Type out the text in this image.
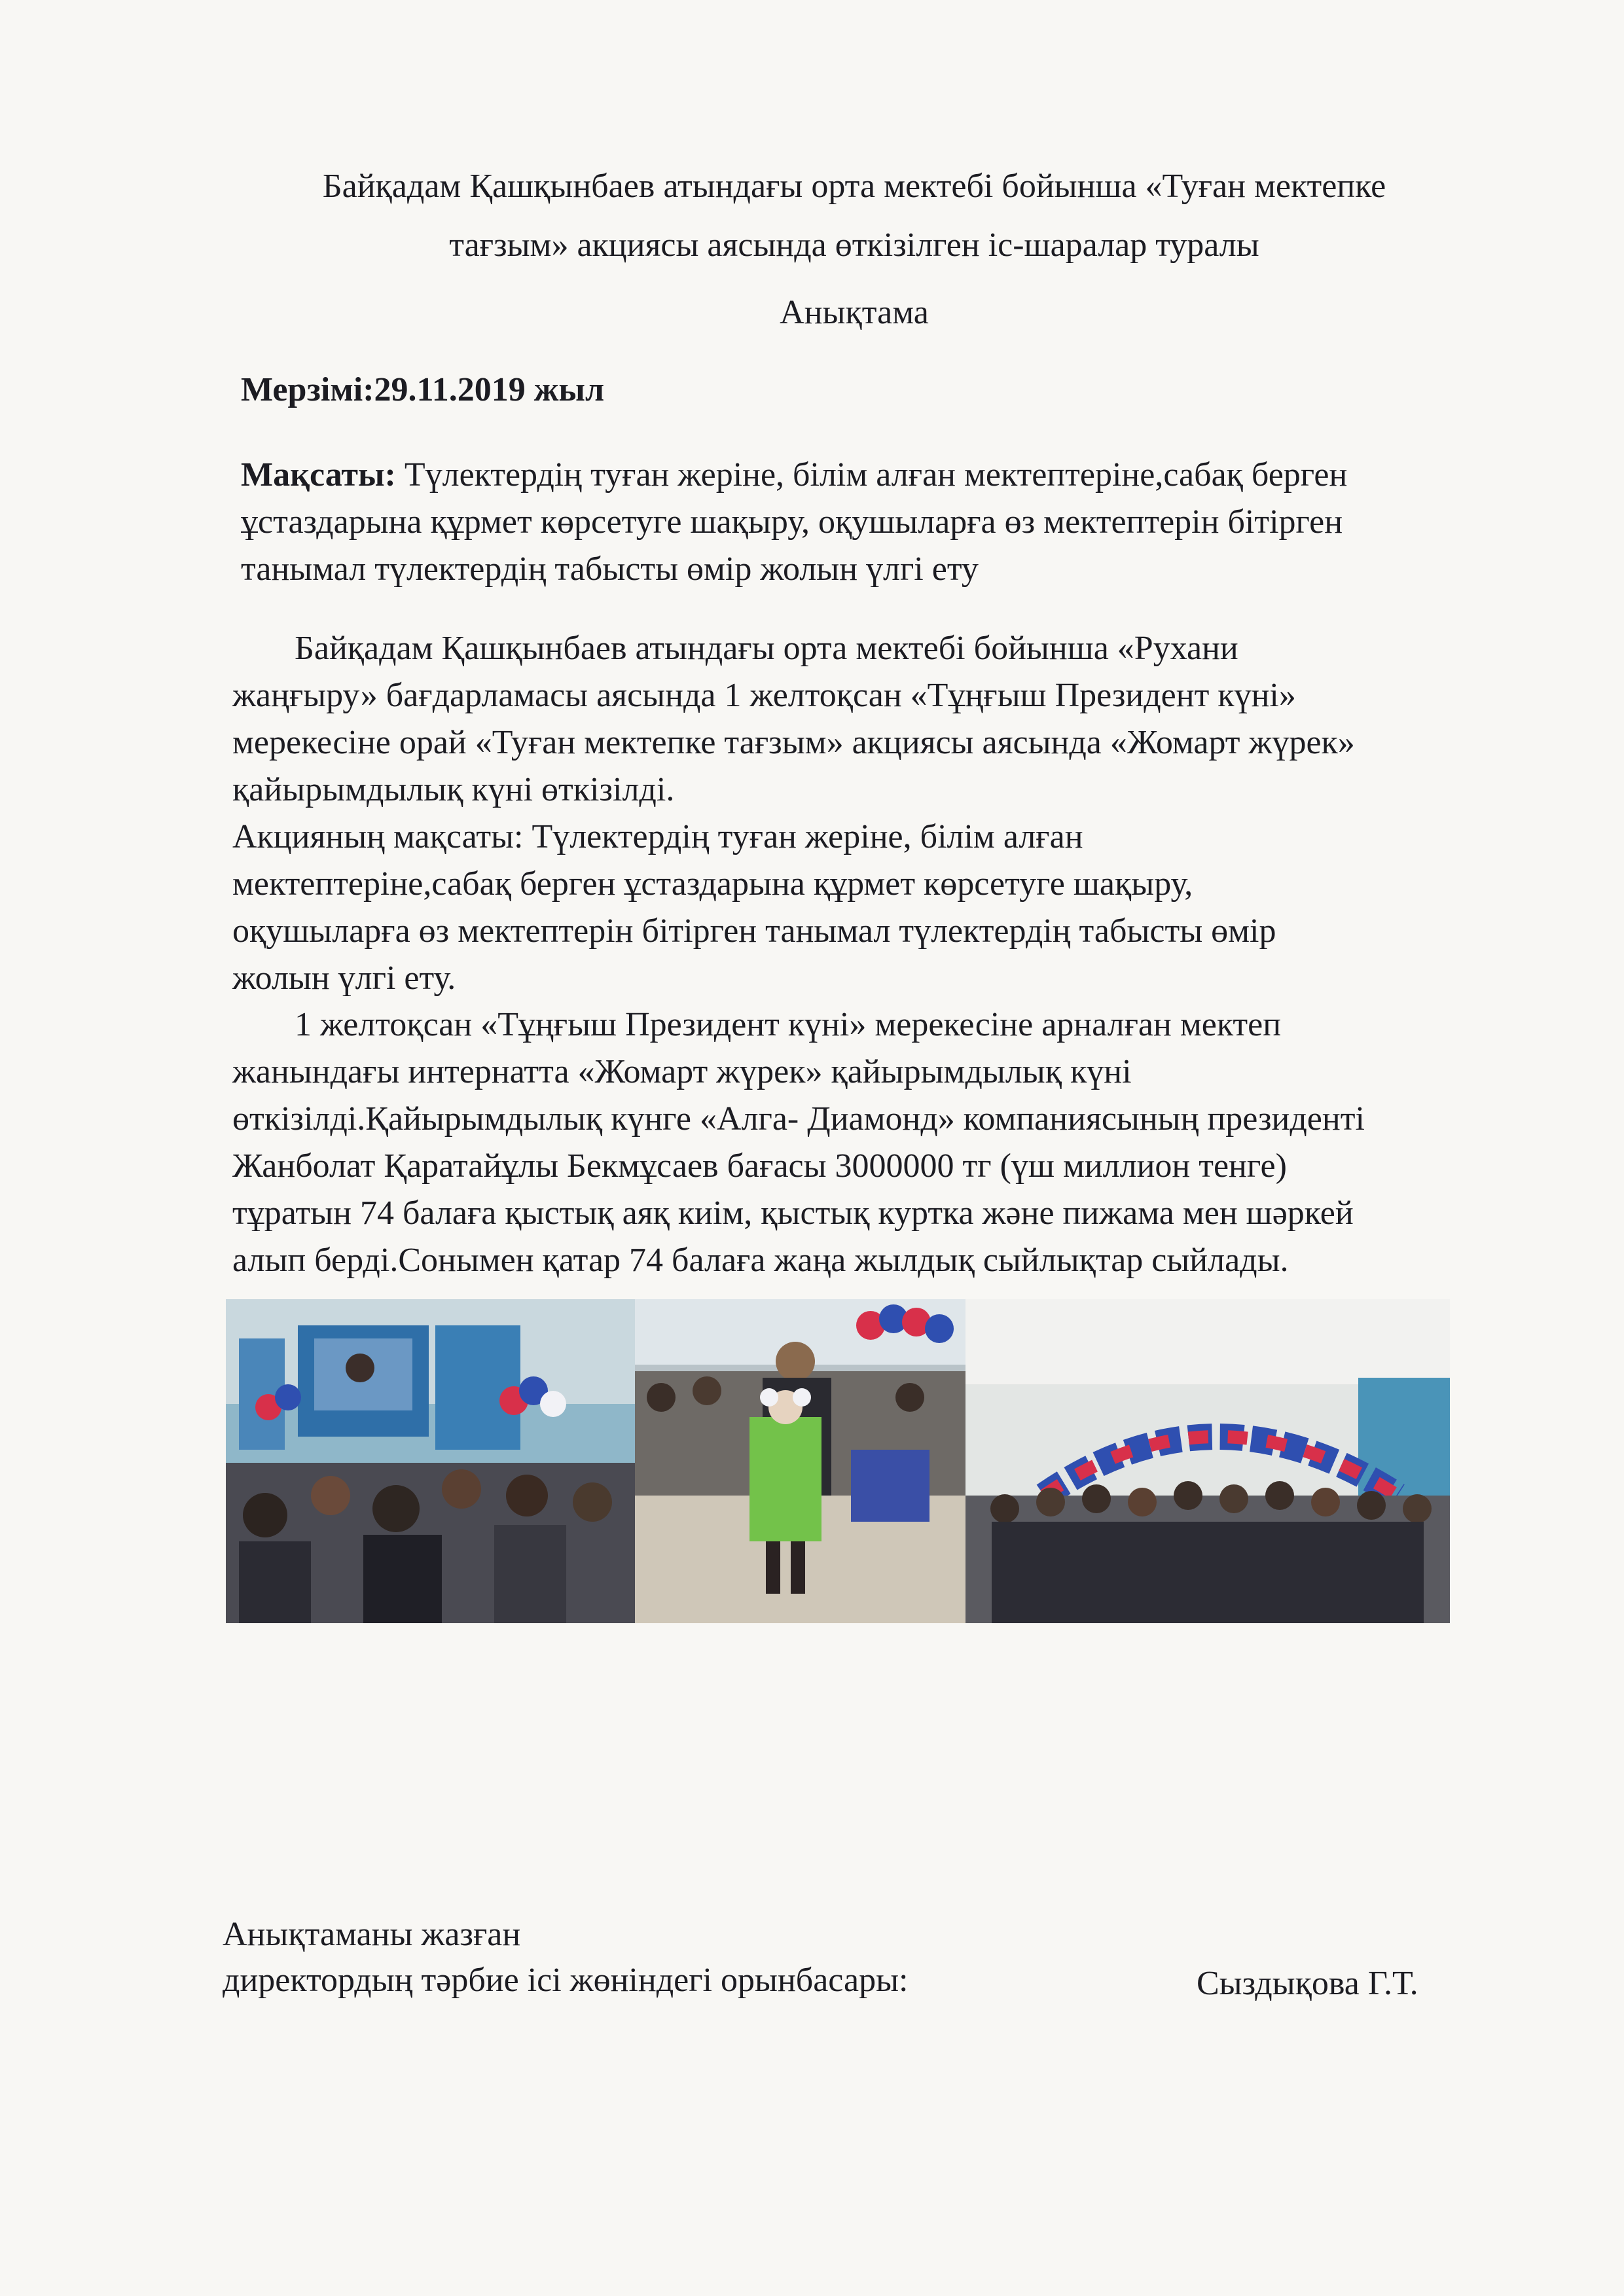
Байқадам Қашқынбаев атындағы орта мектебі бойынша «Туған мектепке
тағзым» акциясы аясында өткізілген іс-шаралар туралы
Анықтама
Мерзімі:29.11.2019 жыл
Мақсаты: Түлектердің туған жеріне, білім алған мектептеріне,сабақ берген
ұстаздарына құрмет көрсетуге шақыру, оқушыларға өз мектептерін бітірген
танымал түлектердің табысты өмір жолын үлгі ету
Байқадам Қашқынбаев атындағы орта мектебі бойынша «Рухани
жаңғыру» бағдарламасы аясында 1 желтоқсан «Тұңғыш Президент күні»
мерекесіне орай «Туған мектепке тағзым» акциясы аясында «Жомарт жүрек»
қайырымдылық күні өткізілді.
Акцияның мақсаты: Түлектердің туған жеріне, білім алған
мектептеріне,сабақ берген ұстаздарына құрмет көрсетуге шақыру,
оқушыларға өз мектептерін бітірген танымал түлектердің табысты өмір
жолын үлгі ету.
1 желтоқсан «Тұңғыш Президент күні» мерекесіне арналған мектеп
жанындағы интернатта «Жомарт жүрек» қайырымдылық күні
өткізілді.Қайырымдылық күнге «Алга- Диамонд» компаниясының президенті
Жанболат Қаратайұлы Бекмұсаев бағасы 3000000 тг (үш миллион тенге)
тұратын 74 балаға қыстық аяқ киім, қыстық куртка және пижама мен шәркей
алып берді.Сонымен қатар 74 балаға жаңа жылдық сыйлықтар сыйлады.
Анықтаманы жазған
директордың тәрбие ісі жөніндегі орынбасары:	Сыздықова Г.Т.
